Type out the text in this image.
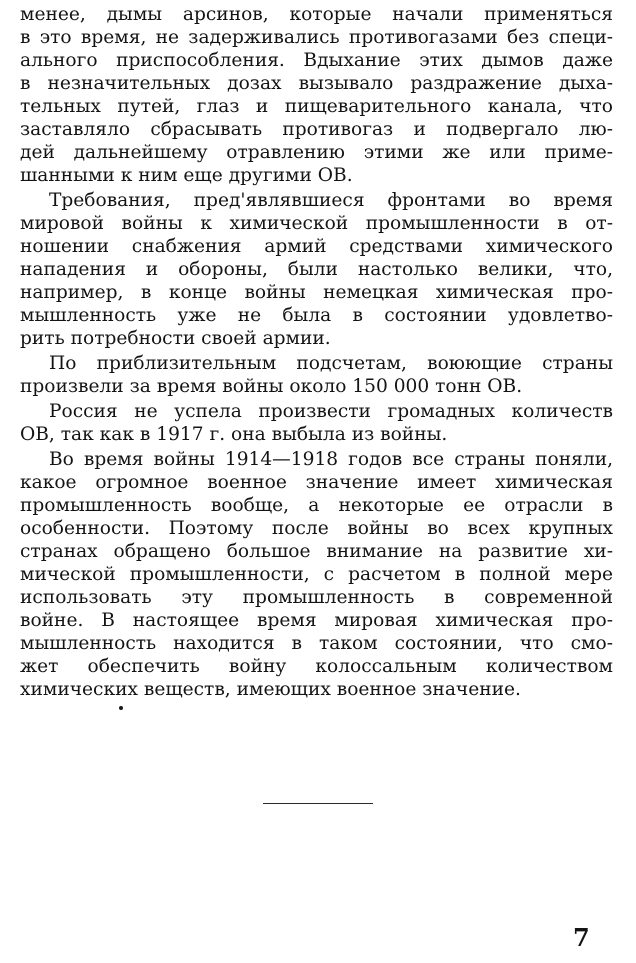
менее, дымы арсинов, которые начали применяться
в это время, не задерживались противогазами без специ-
ального приспособления. Вдыхание этих дымов даже
в незначительных дозах вызывало раздражение дыха-
тельных путей, глаз и пищеварительного канала, что
заставляло сбрасывать противогаз и подвергало лю-
дей дальнейшему отравлению этими же или приме-
шанными к ним еще другими ОВ.
Требования, пред'являвшиеся фронтами во время
мировой войны к химической промышленности в от-
ношении снабжения армий средствами химического
нападения и обороны, были настолько велики, что,
например, в конце войны немецкая химическая про-
мышленность уже не была в состоянии удовлетво-
рить потребности своей армии.
По приблизительным подсчетам, воюющие страны
произвели за время войны около 150 000 тонн ОВ.
Россия не успела произвести громадных количеств
ОВ, так как в 1917 г. она выбыла из войны.
Во время войны 1914—1918 годов все страны поняли,
какое огромное военное значение имеет химическая
промышленность вообще, а некоторые ее отрасли в
особенности. Поэтому после войны во всех крупных
странах обращено большое внимание на развитие хи-
мической промышленности, с расчетом в полной мере
использовать эту промышленность в современной
войне. В настоящее время мировая химическая про-
мышленность находится в таком состоянии, что смо-
жет обеспечить войну колоссальным количеством
химических веществ, имеющих военное значение.
7
